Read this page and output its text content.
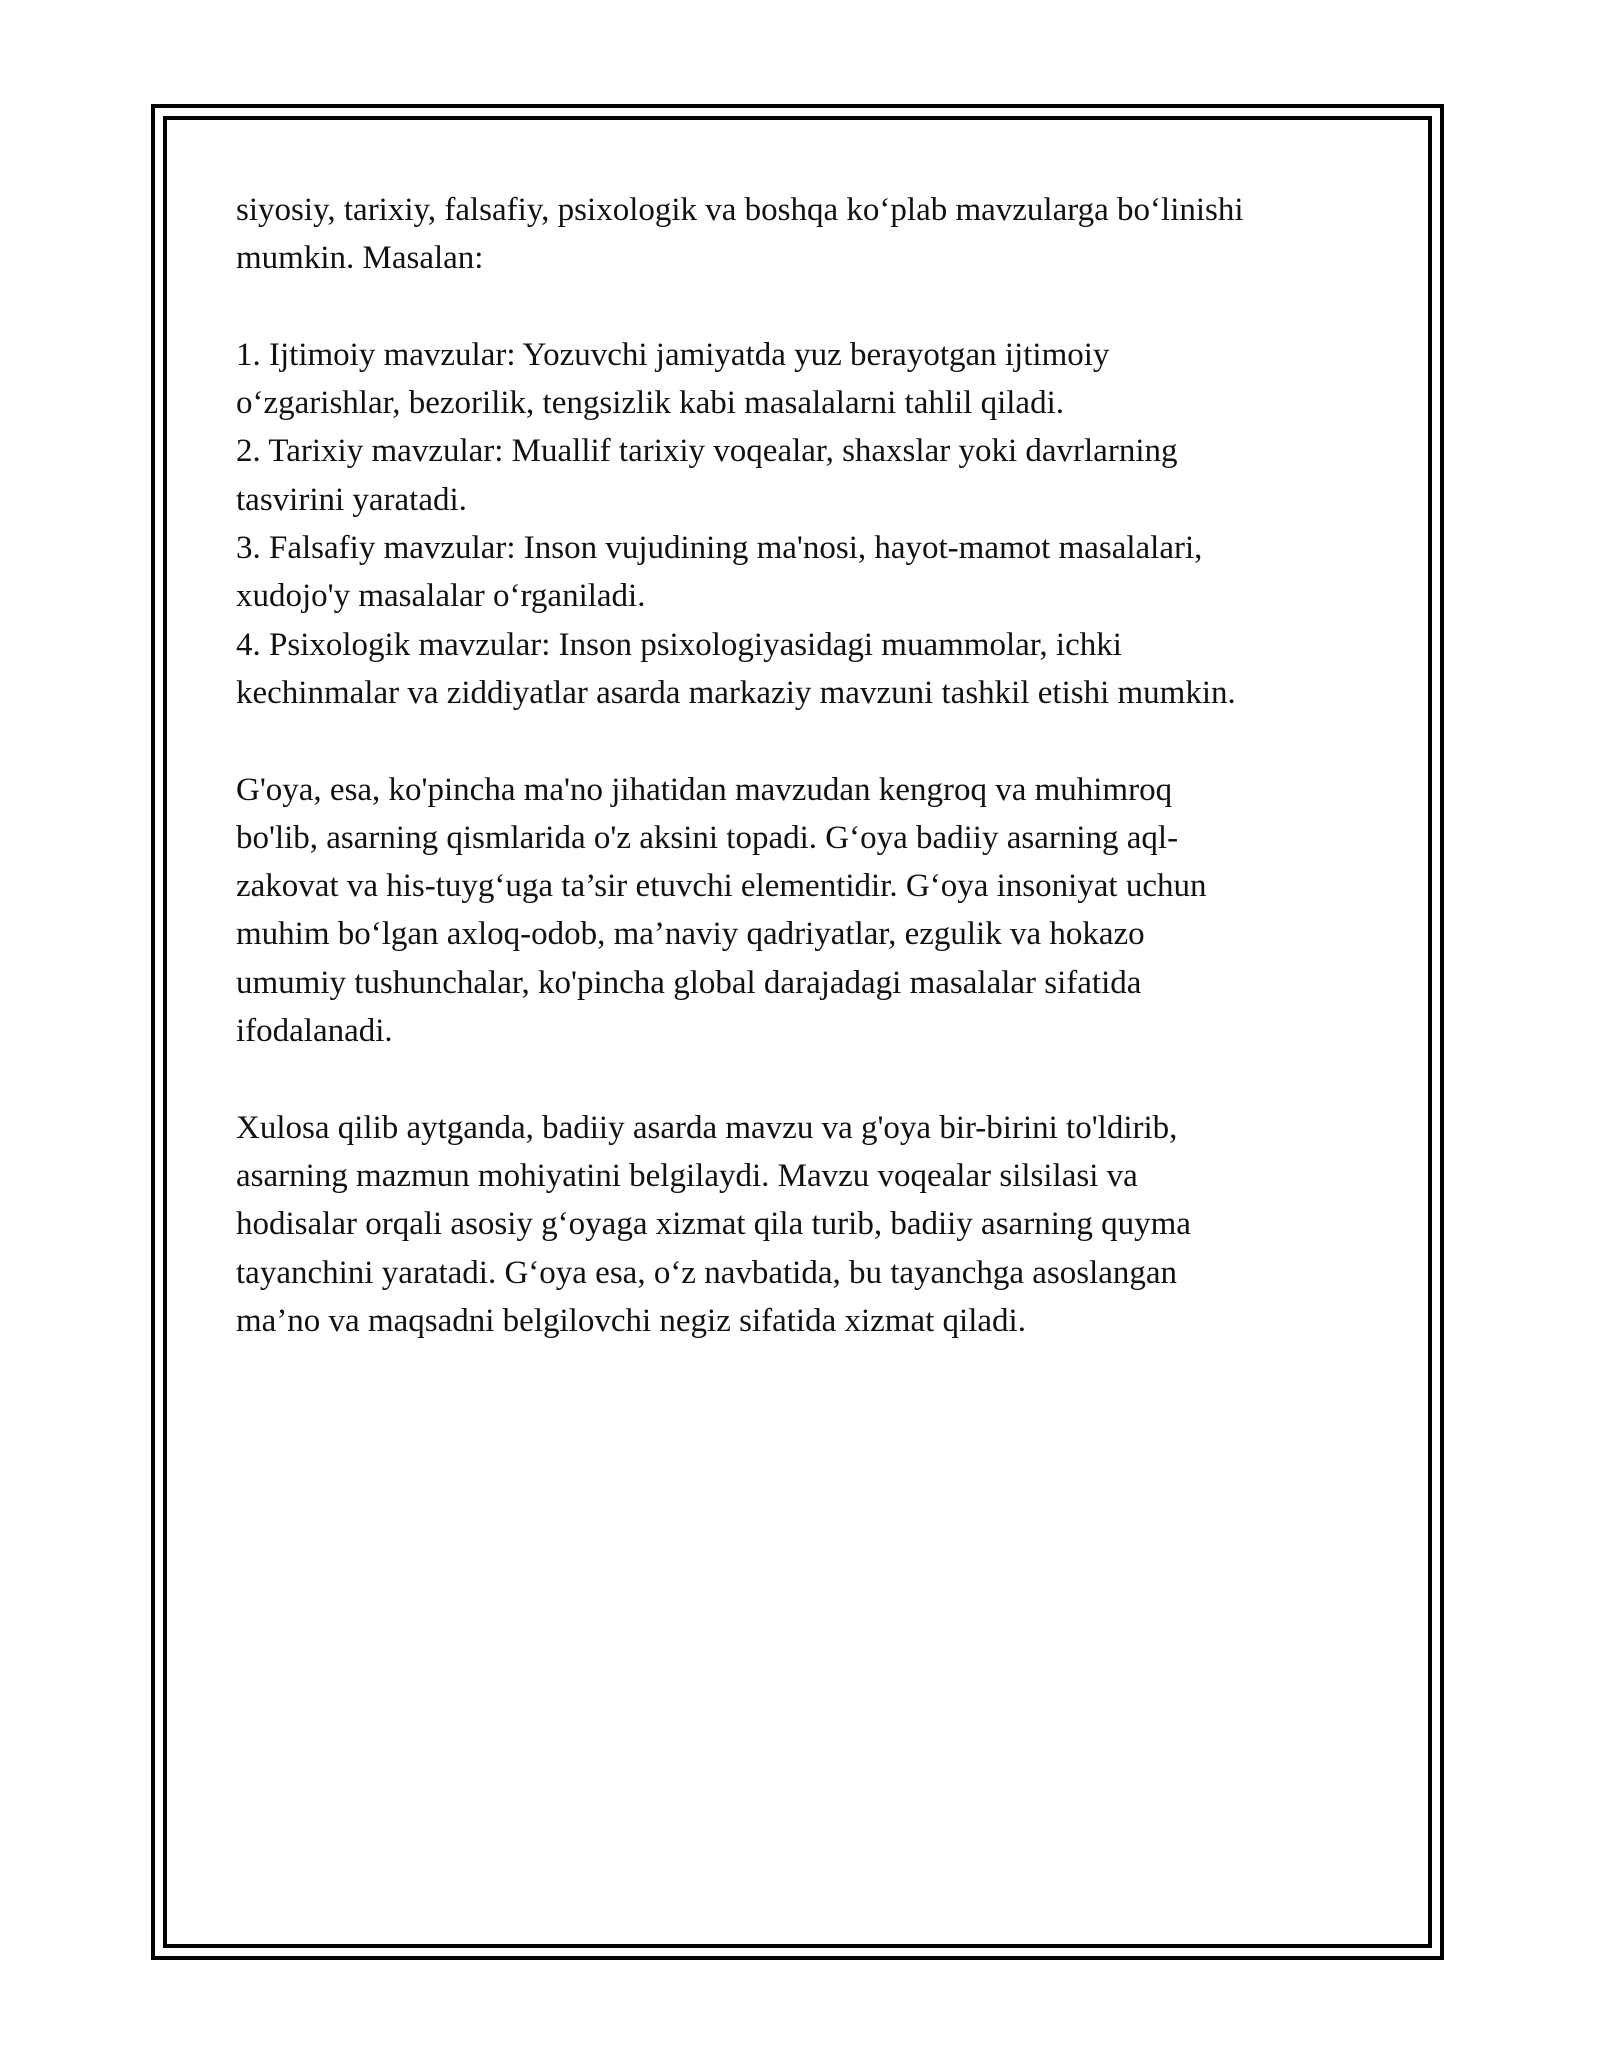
siyosiy, tarixiy, falsafiy, psixologik va boshqa ko‘plab mavzularga bo‘linishi

mumkin. Masalan:

1. Ijtimoiy mavzular: Yozuvchi jamiyatda yuz berayotgan ijtimoiy

o‘zgarishlar, bezorilik, tengsizlik kabi masalalarni tahlil qiladi.

2. Tarixiy mavzular: Muallif tarixiy voqealar, shaxslar yoki davrlarning

tasvirini yaratadi.

3. Falsafiy mavzular: Inson vujudining ma'nosi, hayot-mamot masalalari,

xudojo'y masalalar o‘rganiladi.

4. Psixologik mavzular: Inson psixologiyasidagi muammolar, ichki

kechinmalar va ziddiyatlar asarda markaziy mavzuni tashkil etishi mumkin.

G'oya, esa, ko'pincha ma'no jihatidan mavzudan kengroq va muhimroq

bo'lib, asarning qismlarida o'z aksini topadi. G‘oya badiiy asarning aql-

zakovat va his-tuyg‘uga ta’sir etuvchi elementidir. G‘oya insoniyat uchun

muhim bo‘lgan axloq-odob, ma’naviy qadriyatlar, ezgulik va hokazo

umumiy tushunchalar, ko'pincha global darajadagi masalalar sifatida

ifodalanadi.

Xulosa qilib aytganda, badiiy asarda mavzu va g'oya bir-birini to'ldirib,

asarning mazmun mohiyatini belgilaydi. Mavzu voqealar silsilasi va

hodisalar orqali asosiy g‘oyaga xizmat qila turib, badiiy asarning quyma

tayanchini yaratadi. G‘oya esa, o‘z navbatida, bu tayanchga asoslangan

ma’no va maqsadni belgilovchi negiz sifatida xizmat qiladi.
